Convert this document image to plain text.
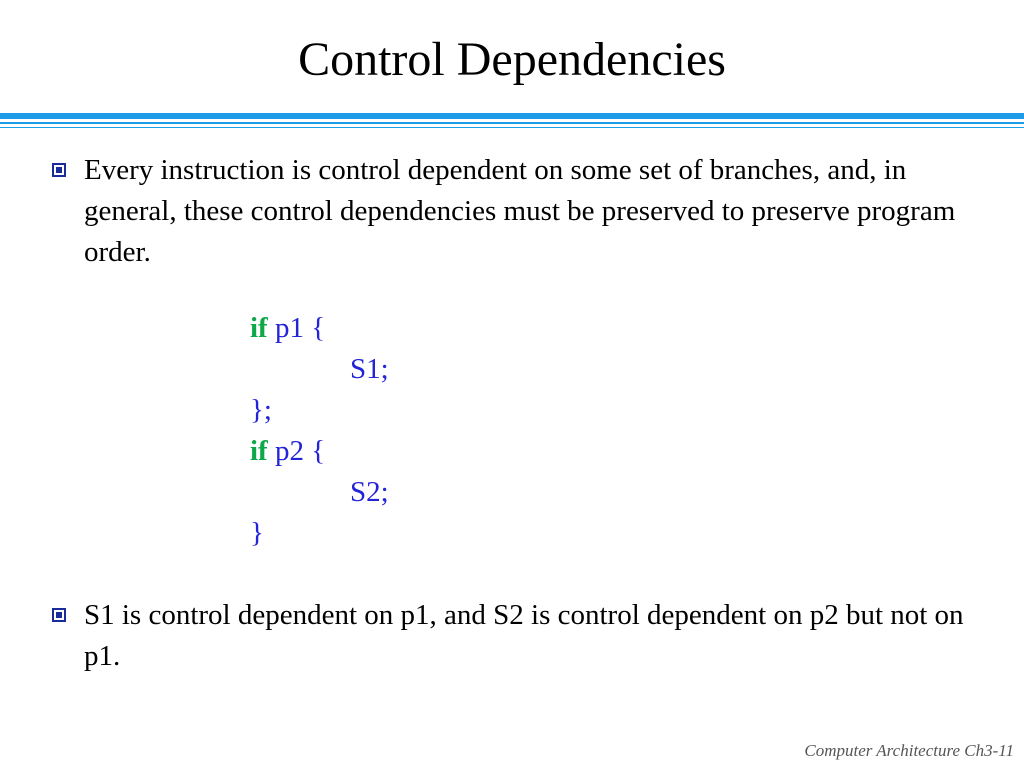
Control Dependencies
Every instruction is control dependent on some set of branches, and, in general, these control dependencies must be preserved to preserve program order.
if p1 {
S1;
};
if p2 {
S2;
}
S1 is control dependent on p1, and S2 is control dependent on p2 but not on p1.
Computer Architecture Ch3-11
